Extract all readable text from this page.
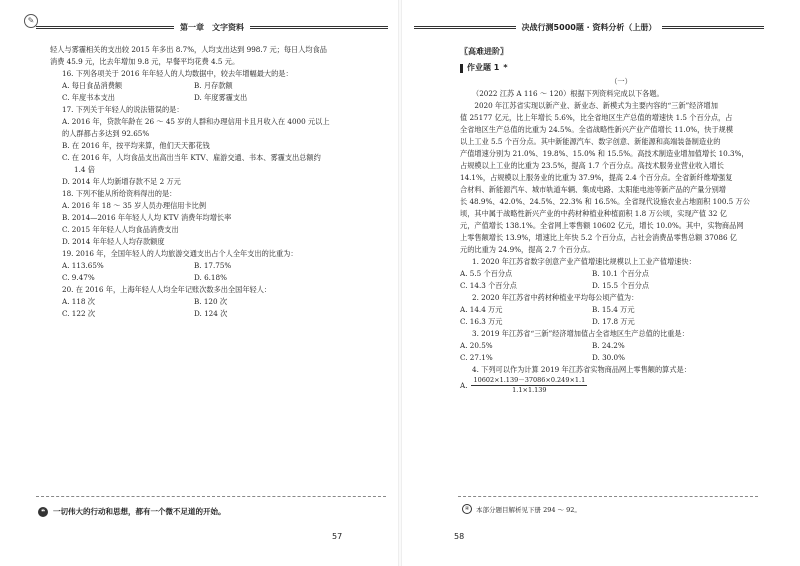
✎
第一章　文字资料

轻人与雾霾相关的支出较 2015 年多出 8.7%，人均支出达到 998.7 元；每日人均食品

消费 45.9 元，比去年增加 9.8 元，早餐平均花费 4.5 元。

16. 下列各项关于 2016 年年轻人的人均数据中，较去年增幅最大的是：

A. 每日食品消费额	B. 月存款额
C. 年度书本支出	D. 年度雾霾支出

17. 下列关于年轻人的说法错误的是：

A. 2016 年，贷款年龄在 26 ～ 45 岁的人群和办理信用卡且月收入在 4000 元以上

的人群都占多达到 92.65%

B. 在 2016 年，按平均来算，他们天天都花钱

C. 在 2016 年，人均食品支出高出当年 KTV、雇游交通、书本、雾霾支出总额约

1.4 倍

D. 2014 年人均新增存款不足 2 万元

18. 下列不能从所给资料得出的是：

A. 2016 年 18 ～ 35 岁人员办理信用卡比例

B. 2014—2016 年年轻人人均 KTV 消费年均增长率

C. 2015 年年轻人人均食品消费支出

D. 2014 年年轻人人均存款额度

19. 2016 年，全国年轻人的人均旅游交通支出占个人全年支出的比重为：

A. 113.65%	B. 17.75%
C. 9.47%	D. 6.18%

20. 在 2016 年，上海年轻人人均全年记账次数多出全国年轻人：

A. 118 次	B. 120 次
C. 122 次	D. 124 次
❝	一切伟大的行动和思想，都有一个微不足道的开始。
57
决战行测5000题 · 资料分析（上册）
〖 高难进阶 〗
作业题 1 *

（一）

（2022 江苏 A 116 ～ 120）根据下列资料完成以下各题。

　　2020 年江苏省实现以新产业、新业态、新模式为主要内容的“三新”经济增加

值 25177 亿元，比上年增长 5.6%，比全省地区生产总值的增速快 1.5 个百分点，占

全省地区生产总值的比重为 24.5%。全省战略性新兴产业产值增长 11.0%，快于规模

以上工业 5.5 个百分点。其中新能源汽车、数字创意、新能源和高端装备制造业的

产值增速分别为 21.0%、19.8%、15.0% 和 15.5%。高技术制造业增加值增长 10.3%，

占规模以上工业的比重为 23.5%，提高 1.7 个百分点。高技术服务业营业收入增长

14.1%，占规模以上服务业的比重为 37.9%，提高 2.4 个百分点。全省新纤维增强复

合材料、新能源汽车、城市轨道车辆、集成电路、太阳能电池等新产品的产量分别增

长 48.9%、42.0%、24.5%、22.3% 和 16.5%。全省现代设施农业占地面积 100.5 万公

顷，其中属于战略性新兴产业的中药材种植业种植面积 1.8 万公顷，实现产值 32 亿

元，产值增长 138.1%。全省网上零售额 10602 亿元，增长 10.0%。其中，实物商品网

上零售额增长 13.9%，增速比上年快 5.2 个百分点，占社会消费品零售总额 37086 亿

元的比重为 24.9%，提高 2.7 个百分点。

1. 2020 年江苏省数字创意产业产值增速比规模以上工业产值增速快：

A. 5.5 个百分点	B. 10.1 个百分点
C. 14.3 个百分点	D. 15.5 个百分点

2. 2020 年江苏省中药材种植业平均每公顷产值为：

A. 14.4 万元	B. 15.4 万元
C. 16.3 万元	D. 17.8 万元

3. 2019 年江苏省“三新”经济增加值占全省地区生产总值的比重是：

A. 20.5%	B. 24.2%
C. 27.1%	D. 30.0%

4. 下列可以作为计算 2019 年江苏省实物商品网上零售额的算式是：

A. $\frac{10602\times 1.139-37086\times 0.249\times 1.1}{1.1\times 1.139}$
④	本部分题目解析见下册 294 ～ 92。
58
